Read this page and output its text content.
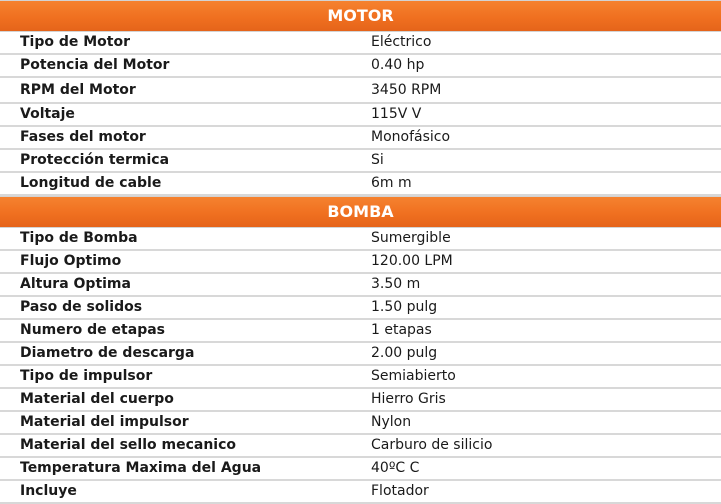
MOTOR
Tipo de Motor	Eléctrico
Potencia del Motor	0.40 hp
RPM del Motor	3450 RPM
Voltaje	115V V
Fases del motor	Monofásico
Protección termica	Si
Longitud de cable	6m m
BOMBA
Tipo de Bomba	Sumergible
Flujo Optimo	120.00 LPM
Altura Optima	3.50 m
Paso de solidos	1.50 pulg
Numero de etapas	1 etapas
Diametro de descarga	2.00 pulg
Tipo de impulsor	Semiabierto
Material del cuerpo	Hierro Gris
Material del impulsor	Nylon
Material del sello mecanico	Carburo de silicio
Temperatura Maxima del Agua	40ºC C
Incluye	Flotador
